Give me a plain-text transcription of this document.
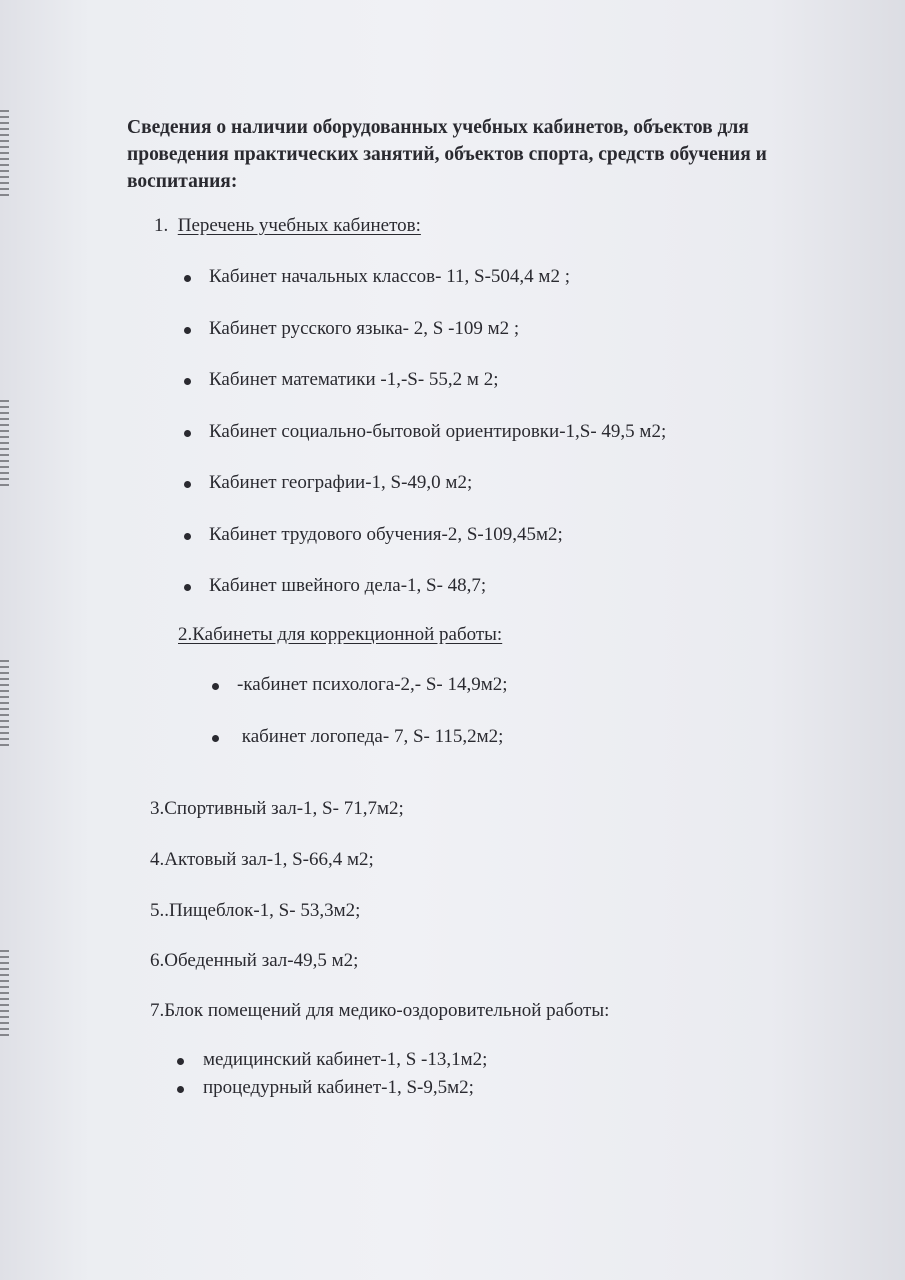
Сведения о наличии оборудованных учебных кабинетов, объектов для проведения практических занятий, объектов спорта, средств обучения и воспитания:

1. Перечень учебных кабинетов:
Кабинет начальных классов- 11, S-504,4 м2 ;
Кабинет русского языка- 2, S -109 м2 ;
Кабинет математики -1,-S- 55,2 м 2;
Кабинет социально-бытовой ориентировки-1,S- 49,5 м2;
Кабинет географии-1, S-49,0 м2;
Кабинет трудового обучения-2, S-109,45м2;
Кабинет швейного дела-1, S- 48,7;
2.Кабинеты для коррекционной работы:
-кабинет психолога-2,- S- 14,9м2;
кабинет логопеда- 7, S- 115,2м2;
3.Спортивный зал-1, S- 71,7м2;
4.Актовый зал-1, S-66,4 м2;
5..Пищеблок-1, S- 53,3м2;
6.Обеденный зал-49,5 м2;
7.Блок помещений для медико-оздоровительной работы:
медицинский кабинет-1, S -13,1м2;
процедурный кабинет-1, S-9,5м2;
